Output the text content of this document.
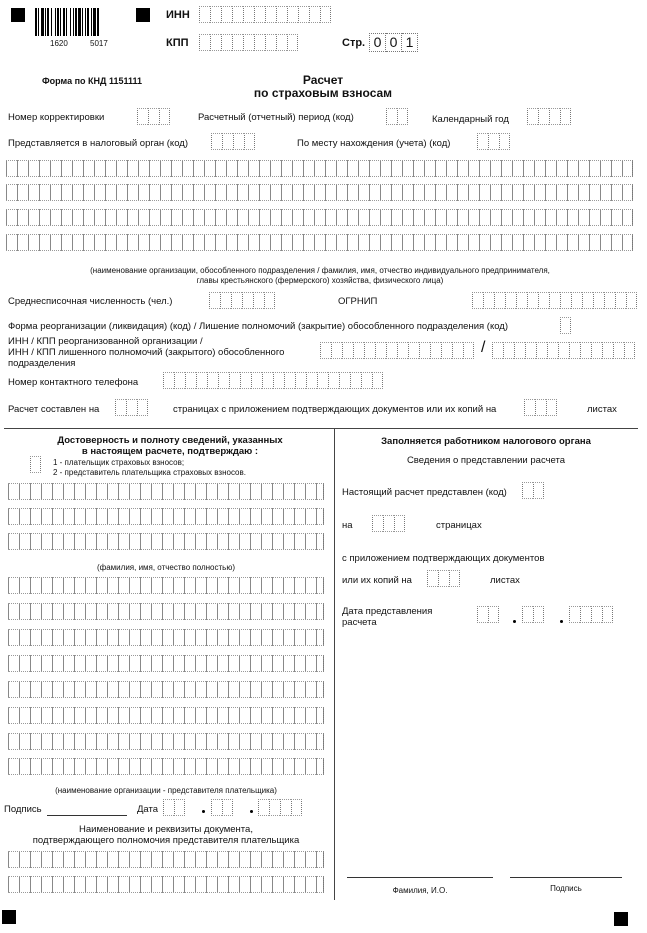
1620	5017
ИНН
КПП	Стр. 0 0 1
Форма по КНД 1151111	Расчет
по страховым взносам
Номер корректировки	Расчетный (отчетный) период (код)	Календарный год
Представляется в налоговый орган (код)	По месту нахождения (учета) (код)
(наименование организации, обособленного подразделения / фамилия, имя, отчество индивидуального предпринимателя,
главы крестьянского (фермерского) хозяйства, физического лица)
Среднесписочная численность (чел.)	ОГРНИП
Форма реорганизации (ликвидация) (код) / Лишение полномочий (закрытие) обособленного подразделения (код)
ИНН / КПП реорганизованной организации /
ИНН / КПП лишенного полномочий (закрытого) обособленного
подразделения
/
Номер контактного телефона
Расчет составлен на	страницах с приложением подтверждающих документов или их копий на	листах
Достоверность и полноту сведений, указанных
в настоящем расчете, подтверждаю :
1 - плательщик страховых взносов;
2 - представитель плательщика страховых взносов.
(фамилия, имя, отчество полностью)
(наименование организации - представителя плательщика)
Подпись	Дата
Наименование и реквизиты документа,
подтверждающего полномочия представителя плательщика
Заполняется работником налогового органа
Сведения о представлении расчета
Настоящий расчет представлен (код)
на	страницах
с приложением подтверждающих документов
или их копий на	листах
Дата представления
расчета
Фамилия, И.О.	Подпись
